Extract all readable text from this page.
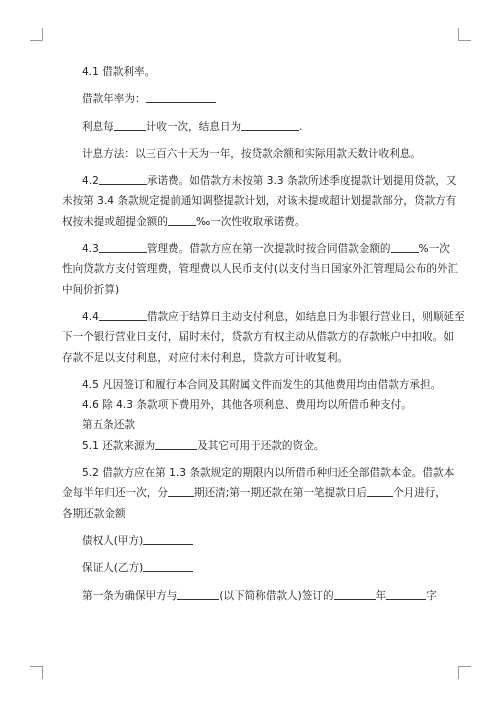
4.1 借款利率。

借款年率为：

利息每	计收一次，结息日为	.

计息方法：以三百六十天为一年，按贷款余额和实际用款天数计收利息。

4.2	承诺费。如借款方未按第 3.3 条款所述季度提款计划提用贷款，又

未按第 3.4 条款规定提前通知调整提款计划，对该未提或超计划提款部分，贷款方有

权按未提或超提金额的	‰一次性收取承诺费。

4.3	管理费。借款方应在第一次提款时按合同借款金额的	%一次

性向贷款方支付管理费，管理费以人民币支付(以支付当日国家外汇管理局公布的外汇

中间价折算)

4.4	借款应于结算日主动支付利息，如结息日为非银行营业日，则顺延至

下一个银行营业日支付，届时未付，贷款方有权主动从借款方的存款帐户中扣收。如

存款不足以支付利息，对应付未付利息，贷款方可计收复利。

4.5 凡因签订和履行本合同及其附属文件而发生的其他费用均由借款方承担。

4.6 除 4.3 条款项下费用外，其他各项利息、费用均以所借币种支付。

第五条还款

5.1 还款来源为	及其它可用于还款的资金。

5.2 借款方应在第 1.3 条款规定的期限内以所借币种归还全部借款本金。借款本

金每半年归还一次，分 期还清;第一期还款在第一笔提款日后 个月进行，

各期还款金额

债权人(甲方)

保证人(乙方)

第一条为确保甲方与	(以下简称借款人)签订的	年	字
